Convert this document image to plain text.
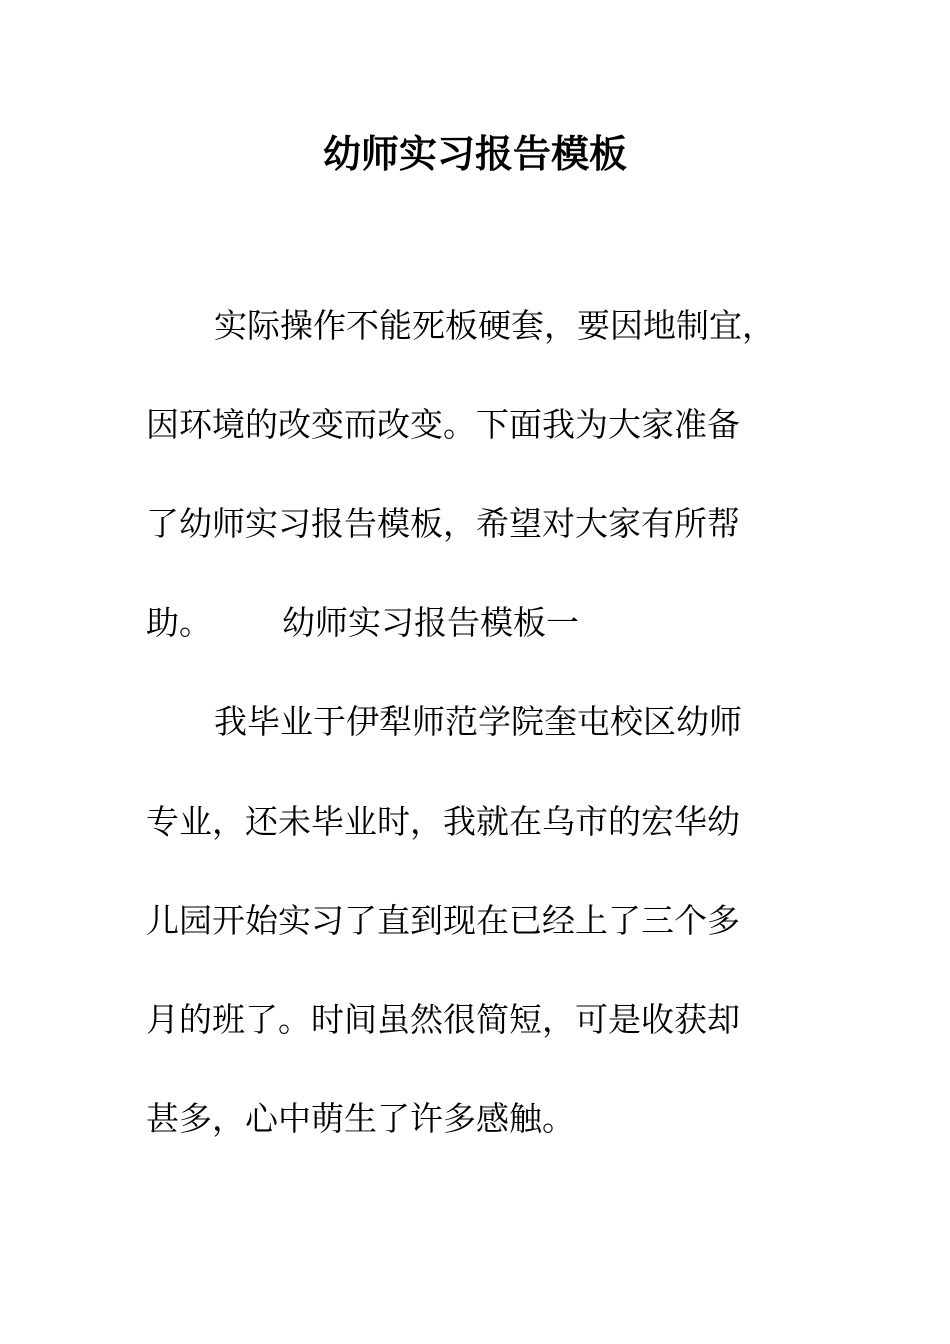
幼师实习报告模板
实际操作不能死板硬套，要因地制宜，
因环境的改变而改变。下面我为大家准备
了幼师实习报告模板，希望对大家有所帮
助。 幼师实习报告模板一
我毕业于伊犁师范学院奎屯校区幼师
专业，还未毕业时，我就在乌市的宏华幼
儿园开始实习了直到现在已经上了三个多
月的班了。时间虽然很简短，可是收获却
甚多，心中萌生了许多感触。
